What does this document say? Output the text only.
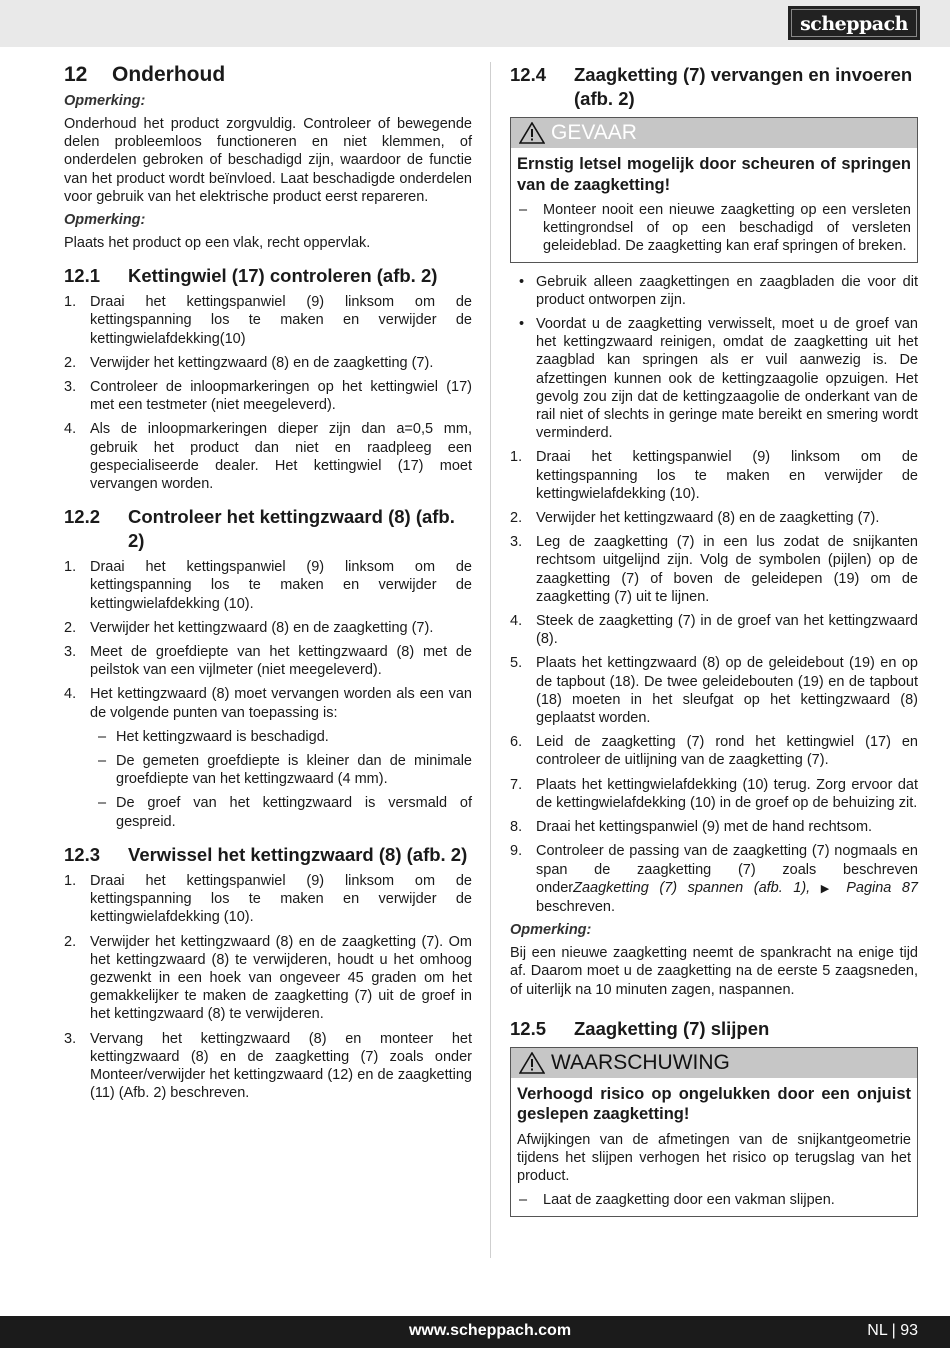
scheppach
12	Onderhoud
Opmerking:
Onderhoud het product zorgvuldig. Controleer of bewegende delen probleemloos functioneren en niet klemmen, of onderdelen gebroken of beschadigd zijn, waardoor de functie van het product wordt beïnvloed. Laat beschadigde onderdelen voor gebruik van het elektrische product eerst repareren.
Opmerking:
Plaats het product op een vlak, recht oppervlak.
12.1	Kettingwiel (17) controleren (afb. 2)
1. Draai het kettingspanwiel (9) linksom om de kettingspanning los te maken en verwijder de kettingwielafdekking(10)
2. Verwijder het kettingzwaard (8) en de zaagketting (7).
3. Controleer de inloopmarkeringen op het kettingwiel (17) met een testmeter (niet meegeleverd).
4. Als de inloopmarkeringen dieper zijn dan a=0,5 mm, gebruik het product dan niet en raadpleeg een gespecialiseerde dealer. Het kettingwiel (17) moet vervangen worden.
12.2	Controleer het kettingzwaard (8) (afb. 2)
1. Draai het kettingspanwiel (9) linksom om de kettingspanning los te maken en verwijder de kettingwielafdekking (10).
2. Verwijder het kettingzwaard (8) en de zaagketting (7).
3. Meet de groefdiepte van het kettingzwaard (8) met de peilstok van een vijlmeter (niet meegeleverd).
4. Het kettingzwaard (8) moet vervangen worden als een van de volgende punten van toepassing is:
– Het kettingzwaard is beschadigd.
– De gemeten groefdiepte is kleiner dan de minimale groefdiepte van het kettingzwaard (4 mm).
– De groef van het kettingzwaard is versmald of gespreid.
12.3	Verwissel het kettingzwaard (8) (afb. 2)
1. Draai het kettingspanwiel (9) linksom om de kettingspanning los te maken en verwijder de kettingwielafdekking (10).
2. Verwijder het kettingzwaard (8) en de zaagketting (7). Om het kettingzwaard (8) te verwijderen, houdt u het omhoog gezwenkt in een hoek van ongeveer 45 graden om het gemakkelijker te maken de zaagketting (7) uit de groef in het kettingzwaard (8) te verwijderen.
3. Vervang het kettingzwaard (8) en monteer het kettingzwaard (8) en de zaagketting (7) zoals onder Monteer/verwijder het kettingzwaard (12) en de zaagketting (11) (Afb. 2) beschreven.
12.4	Zaagketting (7) vervangen en invoeren (afb. 2)
GEVAAR
Ernstig letsel mogelijk door scheuren of springen van de zaagketting!
–	Monteer nooit een nieuwe zaagketting op een versleten kettingrondsel of op een beschadigd of versleten geleideblad. De zaagketting kan eraf springen of breken.
• Gebruik alleen zaagkettingen en zaagbladen die voor dit product ontworpen zijn.
• Voordat u de zaagketting verwisselt, moet u de groef van het kettingzwaard reinigen, omdat de zaagketting uit het zaagblad kan springen als er vuil aanwezig is. De afzettingen kunnen ook de kettingzaagolie opzuigen. Het gevolg zou zijn dat de kettingzaagolie de onderkant van de rail niet of slechts in geringe mate bereikt en smering wordt verminderd.
1. Draai het kettingspanwiel (9) linksom om de kettingspanning los te maken en verwijder de kettingwielafdekking (10).
2. Verwijder het kettingzwaard (8) en de zaagketting (7).
3. Leg de zaagketting (7) in een lus zodat de snijkanten rechtsom uitgelijnd zijn. Volg de symbolen (pijlen) op de zaagketting (7) of boven de geleidepen (19) om de zaagketting (7) uit te lijnen.
4. Steek de zaagketting (7) in de groef van het kettingzwaard (8).
5. Plaats het kettingzwaard (8) op de geleidebout (19) en op de tapbout (18). De twee geleidebouten (19) en de tapbout (18) moeten in het sleufgat op het kettingzwaard (8) geplaatst worden.
6. Leid de zaagketting (7) rond het kettingwiel (17) en controleer de uitlijning van de zaagketting (7).
7. Plaats het kettingwielafdekking (10) terug. Zorg ervoor dat de kettingwielafdekking (10) in de groef op de behuizing zit.
8. Draai het kettingspanwiel (9) met de hand rechtsom.
9. Controleer de passing van de zaagketting (7) nogmaals en span de zaagketting (7) zoals beschreven onderZaagketting (7) spannen (afb. 1), ▶ Pagina 87 beschreven.
Opmerking:
Bij een nieuwe zaagketting neemt de spankracht na enige tijd af. Daarom moet u de zaagketting na de eerste 5 zaagsneden, of uiterlijk na 10 minuten zagen, naspannen.
12.5	Zaagketting (7) slijpen
WAARSCHUWING
Verhoogd risico op ongelukken door een onjuist geslepen zaagketting!
Afwijkingen van de afmetingen van de snijkantgeometrie tijdens het slijpen verhogen het risico op terugslag van het product.
–	Laat de zaagketting door een vakman slijpen.
www.scheppach.com	NL | 93
